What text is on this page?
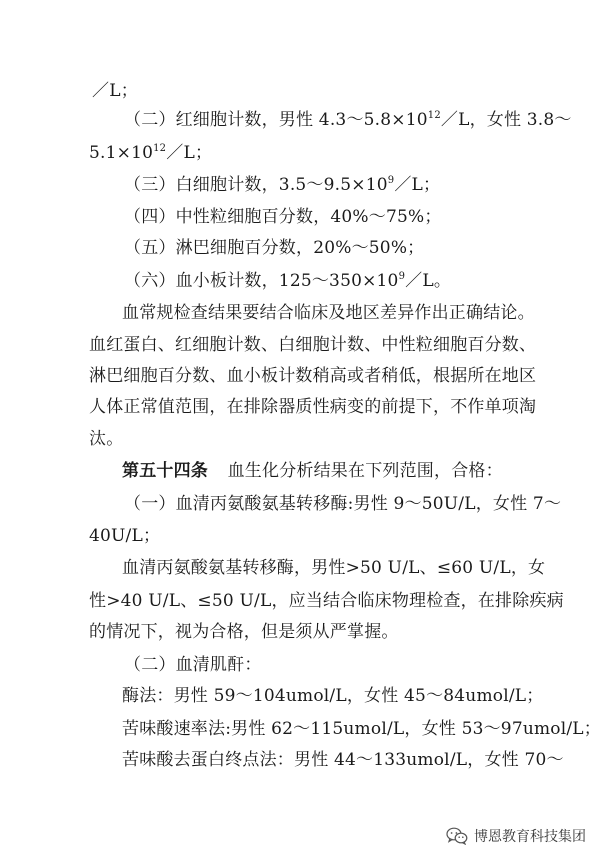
／L；
（二）红细胞计数，男性 $4.3\sim 5.8\times 10^{12}/L$，女性 3.8～
$5.1\times 10^{12}/L$；
（三）白细胞计数，$3.5\sim 9.5\times 10^9/L$；
（四）中性粒细胞百分数，40%～75%；
（五）淋巴细胞百分数，20%～50%；
（六）血小板计数，$125\sim 350\times 10^9/L$。
血常规检查结果要结合临床及地区差异作出正确结论。
血红蛋白、红细胞计数、白细胞计数、中性粒细胞百分数、
淋巴细胞百分数、血小板计数稍高或者稍低，根据所在地区
人体正常值范围，在排除器质性病变的前提下，不作单项淘
汰。
第五十四条 血生化分析结果在下列范围，合格：
（一）血清丙氨酸氨基转移酶:男性 9～50U/L，女性 7～
40U/L；
血清丙氨酸氨基转移酶，男性>50 U/L、≤60 U/L，女
性>40 U/L、≤50 U/L，应当结合临床物理检查，在排除疾病
的情况下，视为合格，但是须从严掌握。
（二）血清肌酐：
酶法：男性 59～104umol/L，女性 45～84umol/L；
苦味酸速率法:男性 62～115umol/L，女性 53～97umol/L；
苦味酸去蛋白终点法：男性 44～133umol/L，女性 70～
博恩教育科技集团
